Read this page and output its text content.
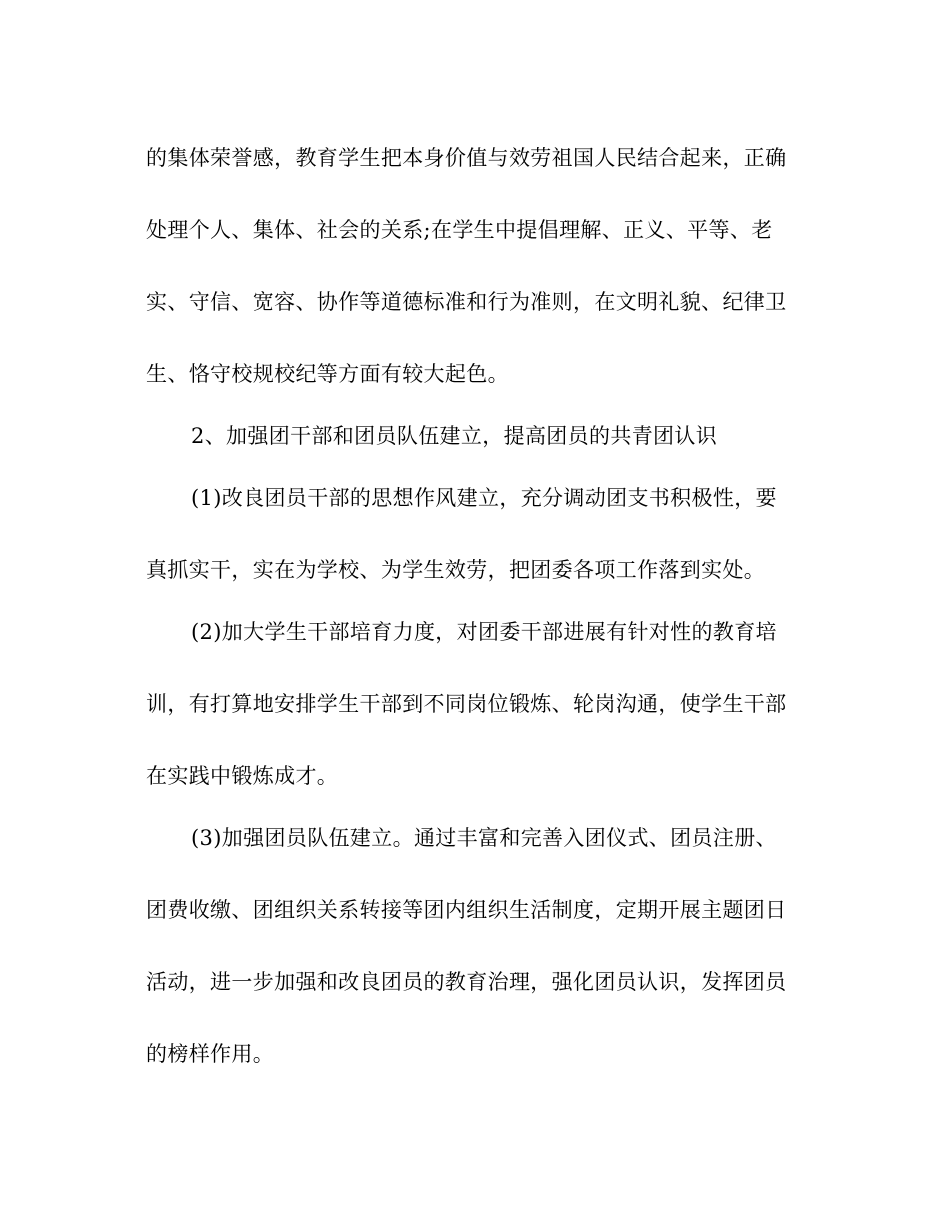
的集体荣誉感，教育学生把本身价值与效劳祖国人民结合起来，正确

处理个人、集体、社会的关系;在学生中提倡理解、正义、平等、老

实、守信、宽容、协作等道德标准和行为准则，在文明礼貌、纪律卫

生、恪守校规校纪等方面有较大起色。

2、加强团干部和团员队伍建立，提高团员的共青团认识

(1)改良团员干部的思想作风建立，充分调动团支书积极性，要

真抓实干，实在为学校、为学生效劳，把团委各项工作落到实处。

(2)加大学生干部培育力度，对团委干部进展有针对性的教育培

训，有打算地安排学生干部到不同岗位锻炼、轮岗沟通，使学生干部

在实践中锻炼成才。

(3)加强团员队伍建立。通过丰富和完善入团仪式、团员注册、

团费收缴、团组织关系转接等团内组织生活制度，定期开展主题团日

活动，进一步加强和改良团员的教育治理，强化团员认识，发挥团员

的榜样作用。
